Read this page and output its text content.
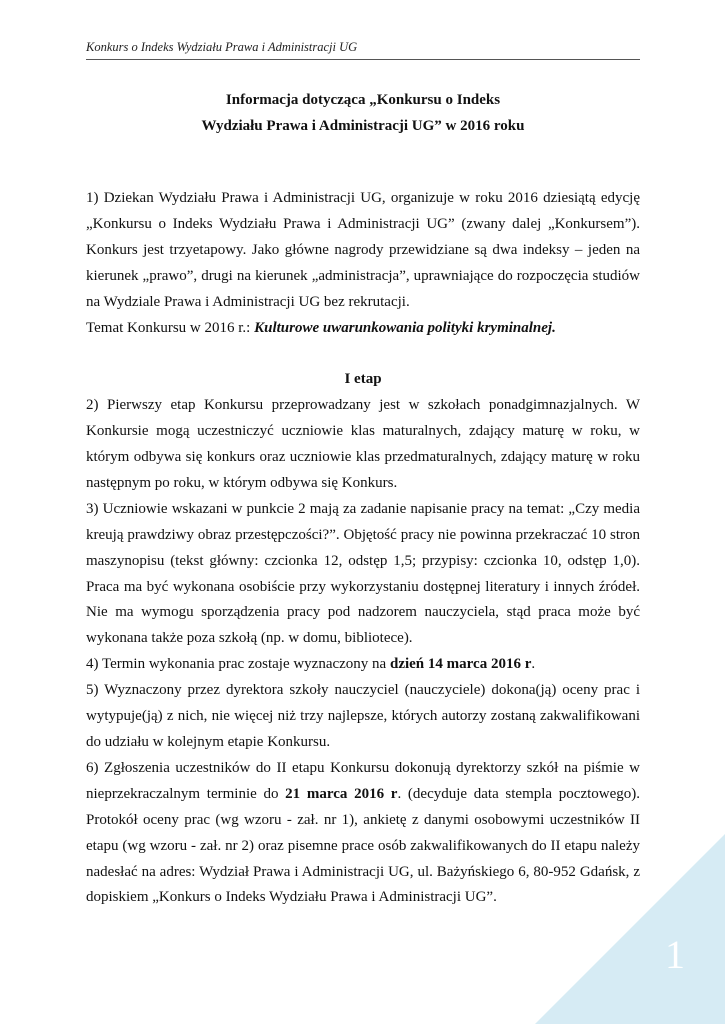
Konkurs o Indeks Wydziału Prawa i Administracji UG
Informacja dotycząca „Konkursu o Indeks
Wydziału Prawa i Administracji UG” w 2016 roku

1) Dziekan Wydziału Prawa i Administracji UG, organizuje w roku 2016 dziesiątą edycję „Konkursu o Indeks Wydziału Prawa i Administracji UG” (zwany dalej „Konkursem”). Konkurs jest trzyetapowy. Jako główne nagrody przewidziane są dwa indeksy – jeden na kierunek „prawo”, drugi na kierunek „administracja”, uprawniające do rozpoczęcia studiów na Wydziale Prawa i Administracji UG bez rekrutacji.

Temat Konkursu w 2016 r.: Kulturowe uwarunkowania polityki kryminalnej.

I etap

2) Pierwszy etap Konkursu przeprowadzany jest w szkołach ponadgimnazjalnych. W Konkursie mogą uczestniczyć uczniowie klas maturalnych, zdający maturę w roku, w którym odbywa się konkurs oraz uczniowie klas przedmaturalnych, zdający maturę w roku następnym po roku, w którym odbywa się Konkurs.

3) Uczniowie wskazani w punkcie 2 mają za zadanie napisanie pracy na temat: „Czy media kreują prawdziwy obraz przestępczości?”. Objętość pracy nie powinna przekraczać 10 stron maszynopisu (tekst główny: czcionka 12, odstęp 1,5; przypisy: czcionka 10, odstęp 1,0). Praca ma być wykonana osobiście przy wykorzystaniu dostępnej literatury i innych źródeł. Nie ma wymogu sporządzenia pracy pod nadzorem nauczyciela, stąd praca może być wykonana także poza szkołą (np. w domu, bibliotece).

4) Termin wykonania prac zostaje wyznaczony na dzień 14 marca 2016 r.

5) Wyznaczony przez dyrektora szkoły nauczyciel (nauczyciele) dokona(ją) oceny prac i wytypuje(ją) z nich, nie więcej niż trzy najlepsze, których autorzy zostaną zakwalifikowani do udziału w kolejnym etapie Konkursu.

6) Zgłoszenia uczestników do II etapu Konkursu dokonują dyrektorzy szkół na piśmie w nieprzekraczalnym terminie do 21 marca 2016 r. (decyduje data stempla pocztowego). Protokół oceny prac (wg wzoru - zał. nr 1), ankietę z danymi osobowymi uczestników II etapu (wg wzoru - zał. nr 2) oraz pisemne prace osób zakwalifikowanych do II etapu należy nadesłać na adres: Wydział Prawa i Administracji UG, ul. Bażyńskiego 6, 80-952 Gdańsk, z dopiskiem „Konkurs o Indeks Wydziału Prawa i Administracji UG”.

1
